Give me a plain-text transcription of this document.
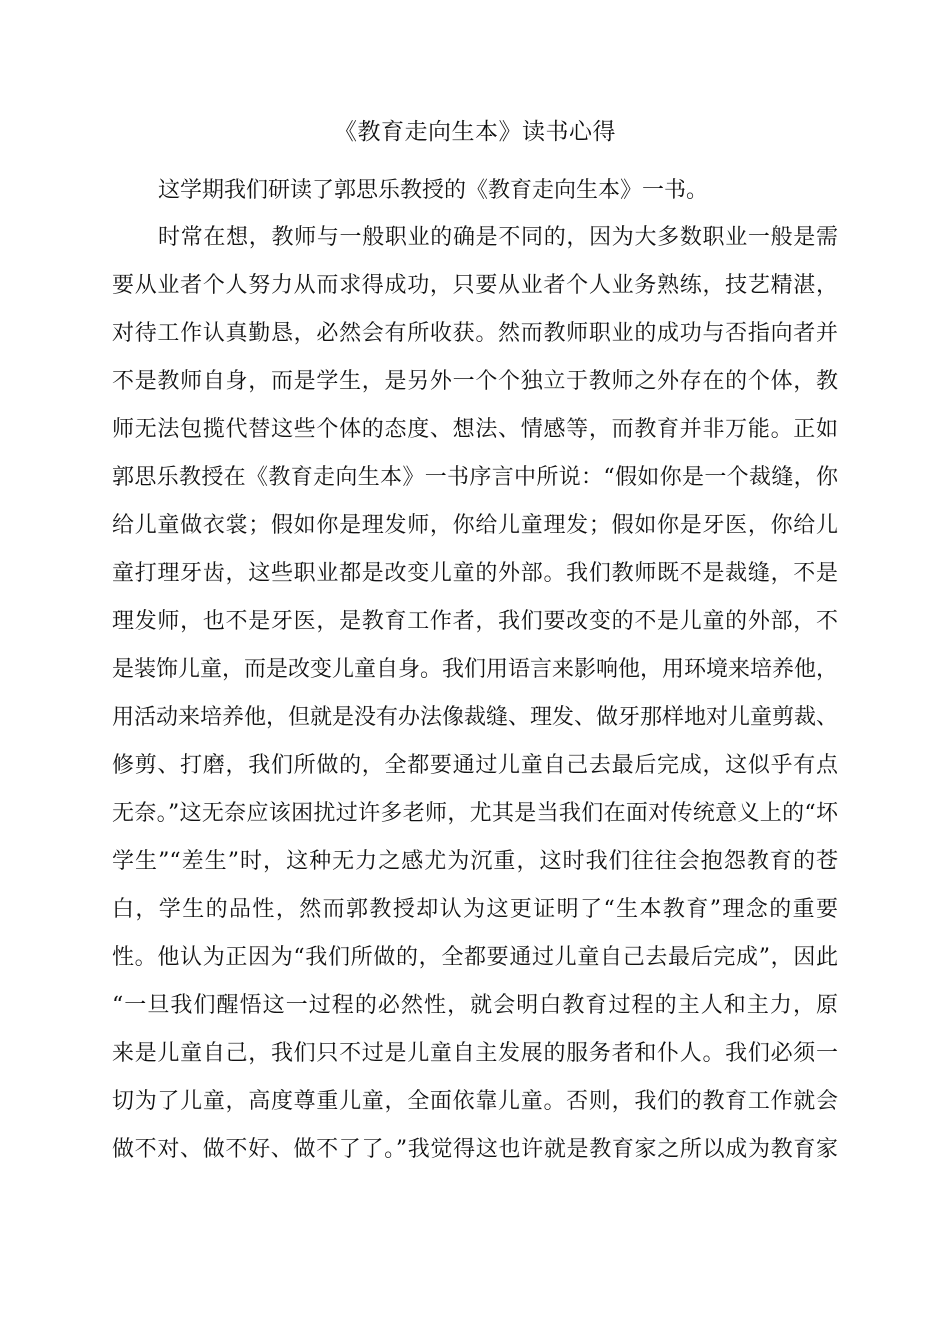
《教育走向生本》读书心得
这学期我们研读了郭思乐教授的《教育走向生本》一书。
时常在想，教师与一般职业的确是不同的，因为大多数职业一般是需
要从业者个人努力从而求得成功，只要从业者个人业务熟练，技艺精湛，
对待工作认真勤恳，必然会有所收获。然而教师职业的成功与否指向者并
不是教师自身，而是学生，是另外一个个独立于教师之外存在的个体，教
师无法包揽代替这些个体的态度、想法、情感等，而教育并非万能。正如
郭思乐教授在《教育走向生本》一书序言中所说：“假如你是一个裁缝，你
给儿童做衣裳；假如你是理发师，你给儿童理发；假如你是牙医，你给儿
童打理牙齿，这些职业都是改变儿童的外部。我们教师既不是裁缝，不是
理发师，也不是牙医，是教育工作者，我们要改变的不是儿童的外部，不
是装饰儿童，而是改变儿童自身。我们用语言来影响他，用环境来培养他，
用活动来培养他，但就是没有办法像裁缝、理发、做牙那样地对儿童剪裁、
修剪、打磨，我们所做的，全都要通过儿童自己去最后完成，这似乎有点
无奈。”这无奈应该困扰过许多老师，尤其是当我们在面对传统意义上的“坏
学生”“差生”时，这种无力之感尤为沉重，这时我们往往会抱怨教育的苍
白，学生的品性，然而郭教授却认为这更证明了“生本教育”理念的重要
性。他认为正因为“我们所做的，全都要通过儿童自己去最后完成”，因此
“一旦我们醒悟这一过程的必然性，就会明白教育过程的主人和主力，原
来是儿童自己，我们只不过是儿童自主发展的服务者和仆人。我们必须一
切为了儿童，高度尊重儿童，全面依靠儿童。否则，我们的教育工作就会
做不对、做不好、做不了了。”我觉得这也许就是教育家之所以成为教育家
